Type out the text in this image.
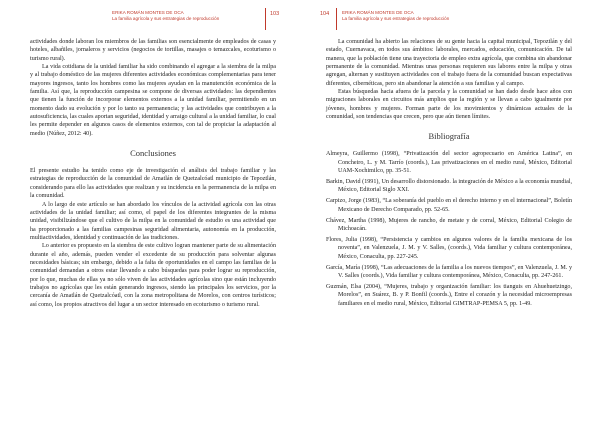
ERIKA ROMÁN MONTES DE OCA
La familia agrícola y sus estrategias de reproducción
103

actividades donde laboran los miembros de las familias son esencialmente de empleados de casas y hoteles, albañiles, jornaleros y servicios (negocios de tortillas, masajes o temazcales, ecoturismo o turismo rural).

La vida cotidiana de la unidad familiar ha sido combinando el agregar a la siembra de la milpa y al trabajo doméstico de las mujeres diferentes actividades económicas complementarias para tener mayores ingresos, tanto los hombres como las mujeres ayudan en la manutención económica de la familia. Así que, la reproducción campesina se compone de diversas actividades: las dependientes que tienen la función de incorporar elementos externos a la unidad familiar, permitiendo en un momento dado su evolución y por lo tanto su permanencia; y las actividades que contribuyen a la autosuficiencia, las cuales aportan seguridad, identidad y arraigo cultural a la unidad familiar, lo cual les permite depender en algunos casos de elementos externos, con tal de propiciar la adaptación al medio (Núñez, 2012: 40).

Conclusiones

El presente estudio ha tenido como eje de investigación el análisis del trabajo familiar y las estrategias de reproducción de la comunidad de Amatlán de Quetzalcóatl municipio de Tepoztlán, considerando para ello las actividades que realizan y su incidencia en la permanencia de la milpa en la comunidad.

A lo largo de este artículo se han abordado los vínculos de la actividad agrícola con las otras actividades de la unidad familiar; así como, el papel de los diferentes integrantes de la misma unidad, visibilizándose que el cultivo de la milpa en la comunidad de estudio es una actividad que ha proporcionado a las familias campesinas seguridad alimentaria, autonomía en la producción, multiactividades, identidad y continuación de las tradiciones.

Lo anterior es propuesto en la siembra de este cultivo logran mantener parte de su alimentación durante el año, además, pueden vender el excedente de su producción para solventar algunas necesidades básicas; sin embargo, debido a la falta de oportunidades en el campo las familias de la comunidad demandan a otros estar llevando a cabo búsquedas para poder lograr su reproducción, por lo que, muchas de ellas ya no sólo viven de las actividades agrícolas sino que están incluyendo trabajos no agrícolas que les están generando ingresos, siendo las principales los servicios, por la cercanía de Amatlán de Quetzalcóatl, con la zona metropolitana de Morelos, con centros turísticos; así como, los propios atractivos del lugar a un sector interesado en ecoturismo o turismo rural.

104	ERIKA ROMÁN MONTES DE OCA
La familia agrícola y sus estrategias de reproducción

La comunidad ha abierto las relaciones de su gente hacia la capital municipal, Tepoztlán y del estado, Cuernavaca, en todos sus ámbitos: laborales, mercados, educación, comunicación. De tal manera, que la población tiene una trayectoria de empleo extra agrícola, que combina sin abandonar permanente de la comunidad. Mientras unas personas requieren sus labores entre la milpa y otras agregan, alternan y sustituyen actividades con el trabajo fuera de la comunidad buscan expectativas diferentes, cibernéticas, pero sin abandonar la atención a sus familias y al campo.

Estas búsquedas hacia afuera de la parcela y la comunidad se han dado desde hace años con migraciones laborales en circuitos más amplios que la región y se llevan a cabo igualmente por jóvenes, hombres y mujeres. Forman parte de los movimientos y dinámicas actuales de la comunidad, son tendencias que crecen, pero que aún tienen límites.

Bibliografía
Almeyra, Guillermo (1998), “Privatización del sector agropecuario en América Latina”, en Concheiro, L. y M. Tarrío (coords.), Las privatizaciones en el medio rural, México, Editorial UAM-Xochimilco, pp. 35-51.
Barkin, David (1991), Un desarrollo distorsionado. la integración de México a la economía mundial, México, Editorial Siglo XXI.
Carpizo, Jorge (1983), “La soberanía del pueblo en el derecho interno y en el internacional”, Boletín Mexicano de Derecho Comparado, pp. 52-65.
Chávez, Martha (1998), Mujeres de rancho, de metate y de corral, México, Editorial Colegio de Michoacán.
Flores, Julia (1998), “Persistencia y cambios en algunos valores de la familia mexicana de los noventa”, en Valenzuela, J. M. y V. Salles, (coords.), Vida familiar y cultura contemporánea, México, Conaculta, pp. 227-245.
García, María (1998), “Las adecuaciones de la familia a los nuevos tiempos”, en Valenzuela, J. M. y V. Salles (coords.), Vida familiar y cultura contemporánea, México, Conaculta, pp. 247-261.
Guzmán, Elsa (2004), “Mujeres, trabajo y organización familiar: los tianguis en Ahuehuetzingo, Morelos”, en Suárez, B. y P. Bonfil (coords.), Entre el corazón y la necesidad microempresas familiares en el medio rural, México, Editorial GIMTRAP-PEMSA 5, pp. 1-49.
